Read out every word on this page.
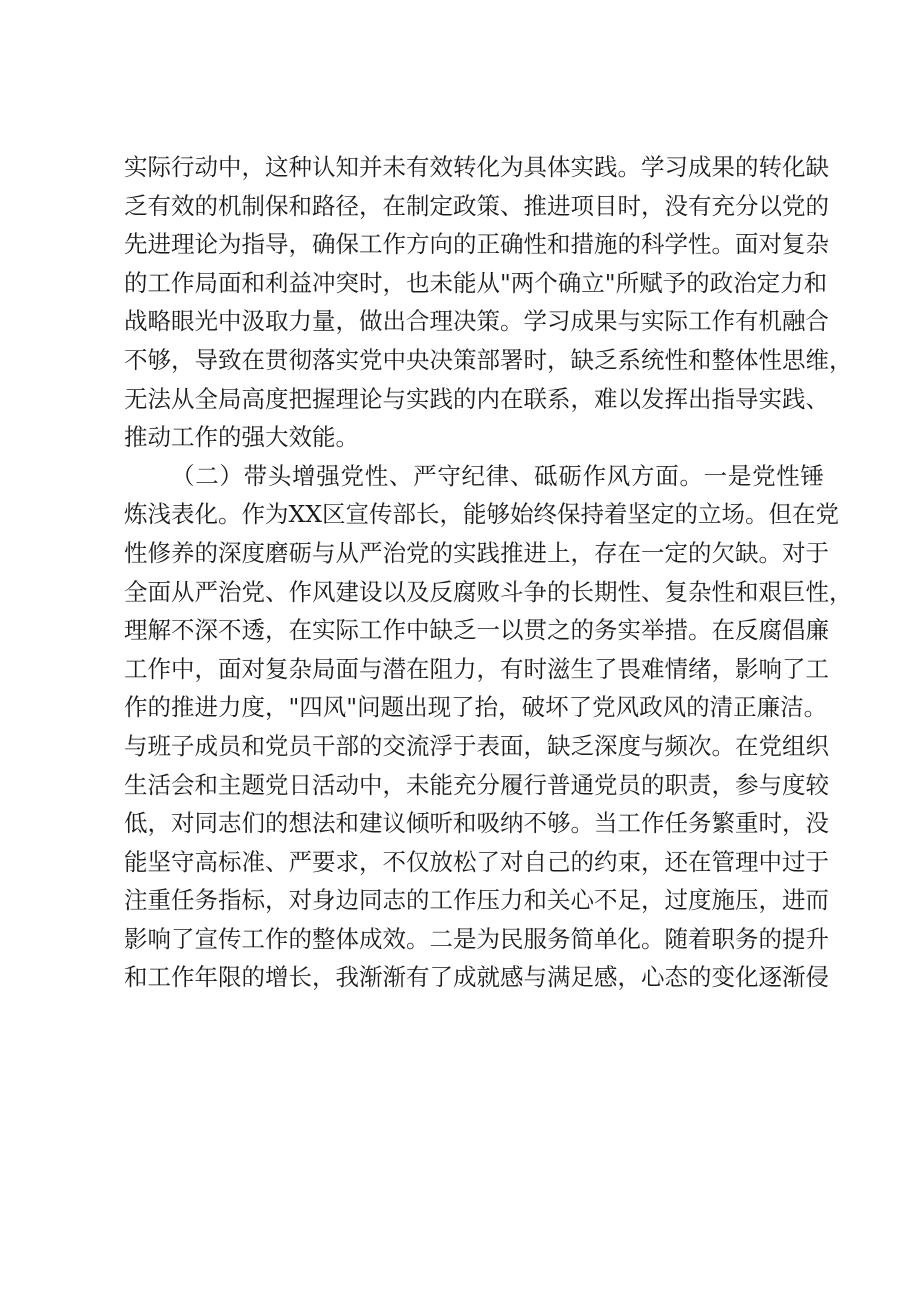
实际行动中，这种认知并未有效转化为具体实践。学习成果的转化缺
乏有效的机制保和路径，在制定政策、推进项目时，没有充分以党的
先进理论为指导，确保工作方向的正确性和措施的科学性。面对复杂
的工作局面和利益冲突时，也未能从"两个确立"所赋予的政治定力和
战略眼光中汲取力量，做出合理决策。学习成果与实际工作有机融合
不够，导致在贯彻落实党中央决策部署时，缺乏系统性和整体性思维，
无法从全局高度把握理论与实践的内在联系，难以发挥出指导实践、
推动工作的强大效能。
（二）带头增强党性、严守纪律、砥砺作风方面。一是党性锤
炼浅表化。作为XX区宣传部长，能够始终保持着坚定的立场。但在党
性修养的深度磨砺与从严治党的实践推进上，存在一定的欠缺。对于
全面从严治党、作风建设以及反腐败斗争的长期性、复杂性和艰巨性，
理解不深不透，在实际工作中缺乏一以贯之的务实举措。在反腐倡廉
工作中，面对复杂局面与潜在阻力，有时滋生了畏难情绪，影响了工
作的推进力度，"四风"问题出现了抬，破坏了党风政风的清正廉洁。
与班子成员和党员干部的交流浮于表面，缺乏深度与频次。在党组织
生活会和主题党日活动中，未能充分履行普通党员的职责，参与度较
低，对同志们的想法和建议倾听和吸纳不够。当工作任务繁重时，没
能坚守高标准、严要求，不仅放松了对自己的约束，还在管理中过于
注重任务指标，对身边同志的工作压力和关心不足，过度施压，进而
影响了宣传工作的整体成效。二是为民服务简单化。随着职务的提升
和工作年限的增长，我渐渐有了成就感与满足感，心态的变化逐渐侵
